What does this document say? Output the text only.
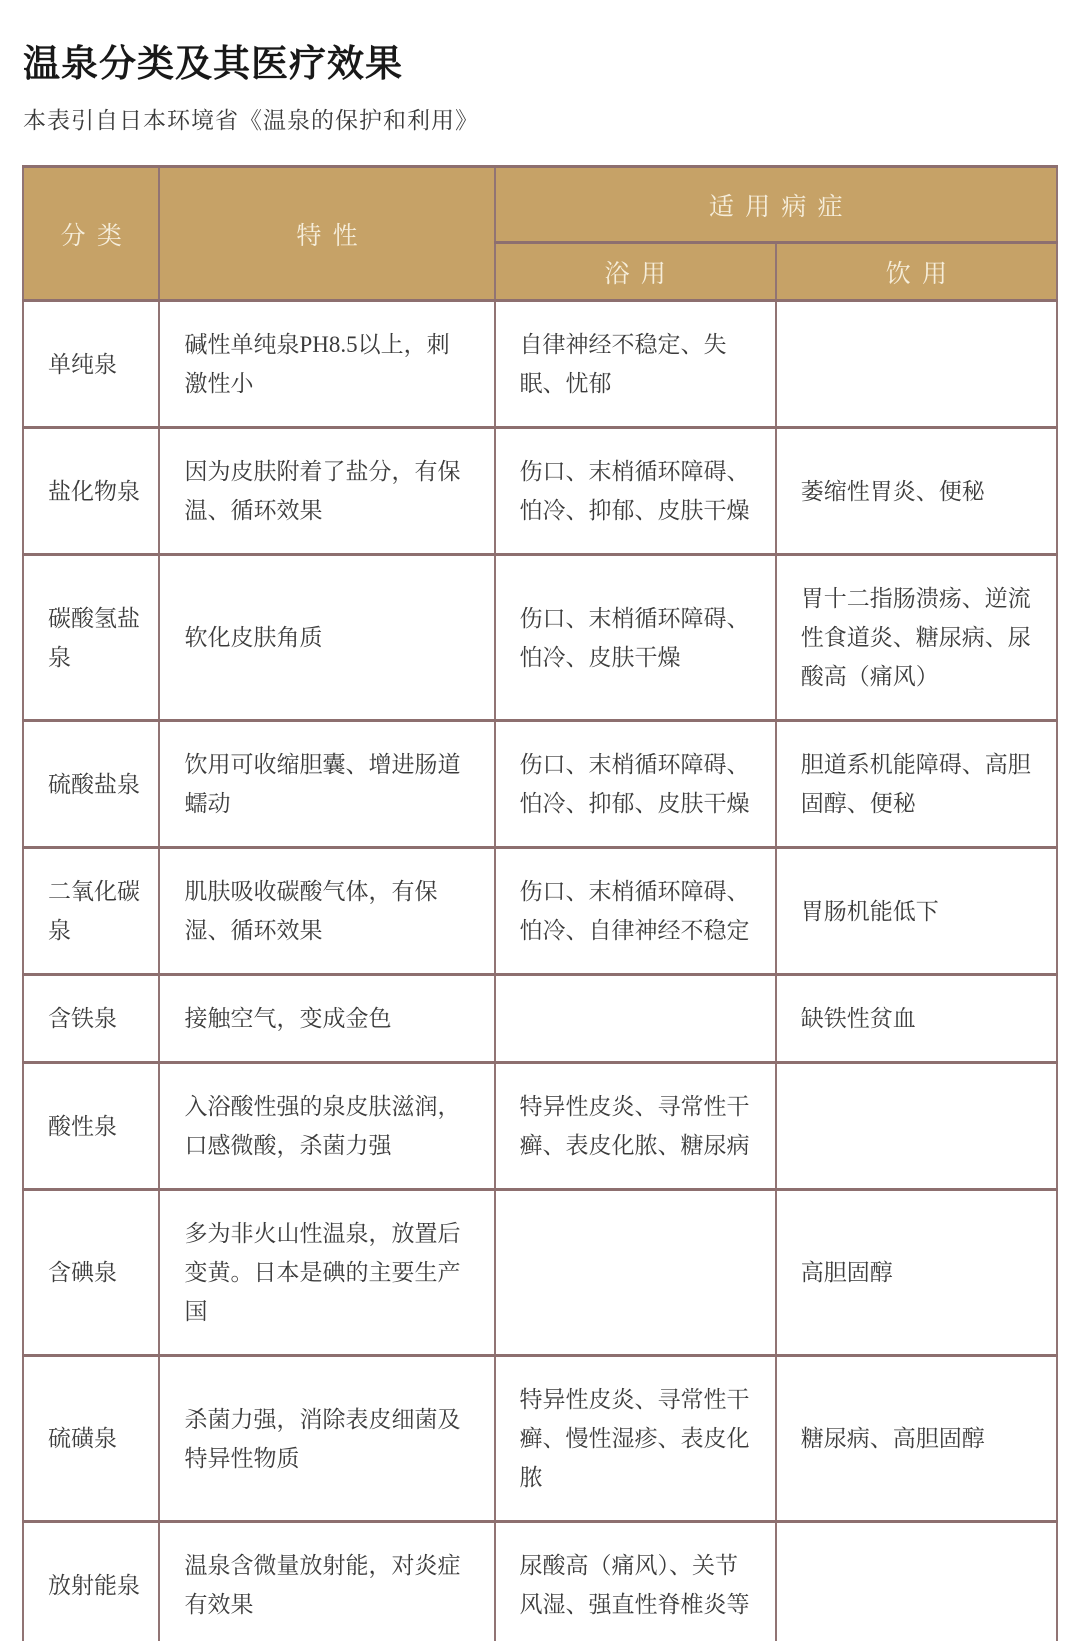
温泉分类及其医疗效果

本表引自日本环境省《温泉的保护和利用》

分类	特性	适用病症	
		浴用	饮用
单纯泉	碱性单纯泉PH8.5以上，刺激性小	自律神经不稳定、失眠、忧郁	
盐化物泉	因为皮肤附着了盐分，有保温、循环效果	伤口、末梢循环障碍、怕冷、抑郁、皮肤干燥	萎缩性胃炎、便秘
碳酸氢盐泉	软化皮肤角质	伤口、末梢循环障碍、怕冷、皮肤干燥	胃十二指肠溃疡、逆流性食道炎、糖尿病、尿酸高（痛风）
硫酸盐泉	饮用可收缩胆囊、增进肠道蠕动	伤口、末梢循环障碍、怕冷、抑郁、皮肤干燥	胆道系机能障碍、高胆固醇、便秘
二氧化碳泉	肌肤吸收碳酸气体，有保湿、循环效果	伤口、末梢循环障碍、怕冷、自律神经不稳定	胃肠机能低下
含铁泉	接触空气，变成金色		缺铁性贫血
酸性泉	入浴酸性强的泉皮肤滋润，口感微酸，杀菌力强	特异性皮炎、寻常性干癣、表皮化脓、糖尿病	
含碘泉	多为非火山性温泉，放置后变黄。日本是碘的主要生产国		高胆固醇
硫磺泉	杀菌力强，消除表皮细菌及特异性物质	特异性皮炎、寻常性干癣、慢性湿疹、表皮化脓	糖尿病、高胆固醇
放射能泉	温泉含微量放射能，对炎症有效果	尿酸高（痛风）、关节风湿、强直性脊椎炎等	
